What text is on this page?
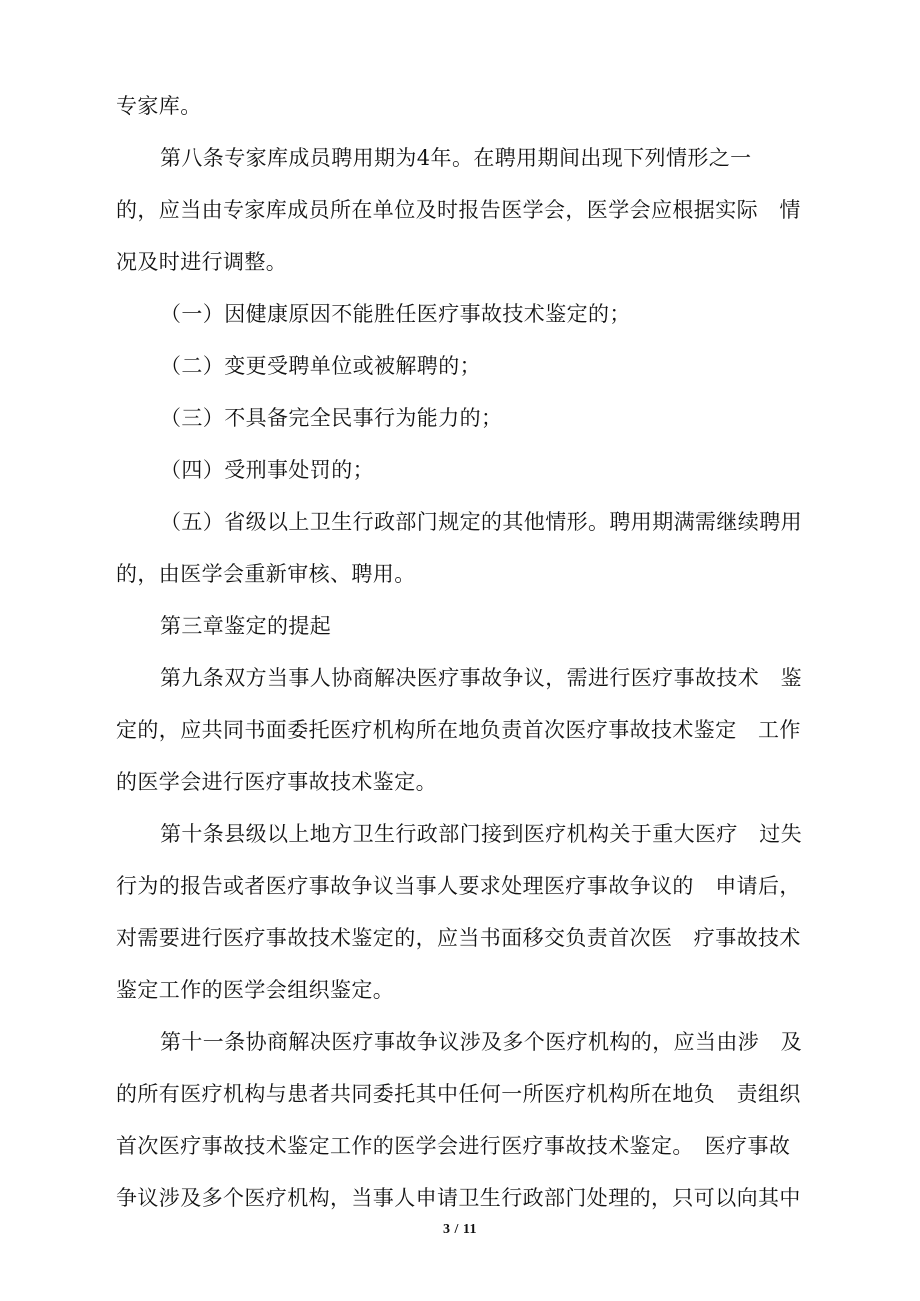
专家库。

第八条专家库成员聘用期为4年。在聘用期间出现下列情形之一　的，应当由专家库成员所在单位及时报告医学会，医学会应根据实际　情况及时进行调整。

（一）因健康原因不能胜任医疗事故技术鉴定的；

（二）变更受聘单位或被解聘的；

（三）不具备完全民事行为能力的；

（四）受刑事处罚的；

（五）省级以上卫生行政部门规定的其他情形。聘用期满需继续聘用的，由医学会重新审核、聘用。

第三章鉴定的提起

第九条双方当事人协商解决医疗事故争议，需进行医疗事故技术　鉴定的，应共同书面委托医疗机构所在地负责首次医疗事故技术鉴定　工作的医学会进行医疗事故技术鉴定。

第十条县级以上地方卫生行政部门接到医疗机构关于重大医疗　过失行为的报告或者医疗事故争议当事人要求处理医疗事故争议的　申请后，对需要进行医疗事故技术鉴定的，应当书面移交负责首次医　疗事故技术鉴定工作的医学会组织鉴定。

第十一条协商解决医疗事故争议涉及多个医疗机构的，应当由涉　及的所有医疗机构与患者共同委托其中任何一所医疗机构所在地负　责组织首次医疗事故技术鉴定工作的医学会进行医疗事故技术鉴定。　医疗事故争议涉及多个医疗机构，当事人申请卫生行政部门处理的，只可以向其中

3 / 11
